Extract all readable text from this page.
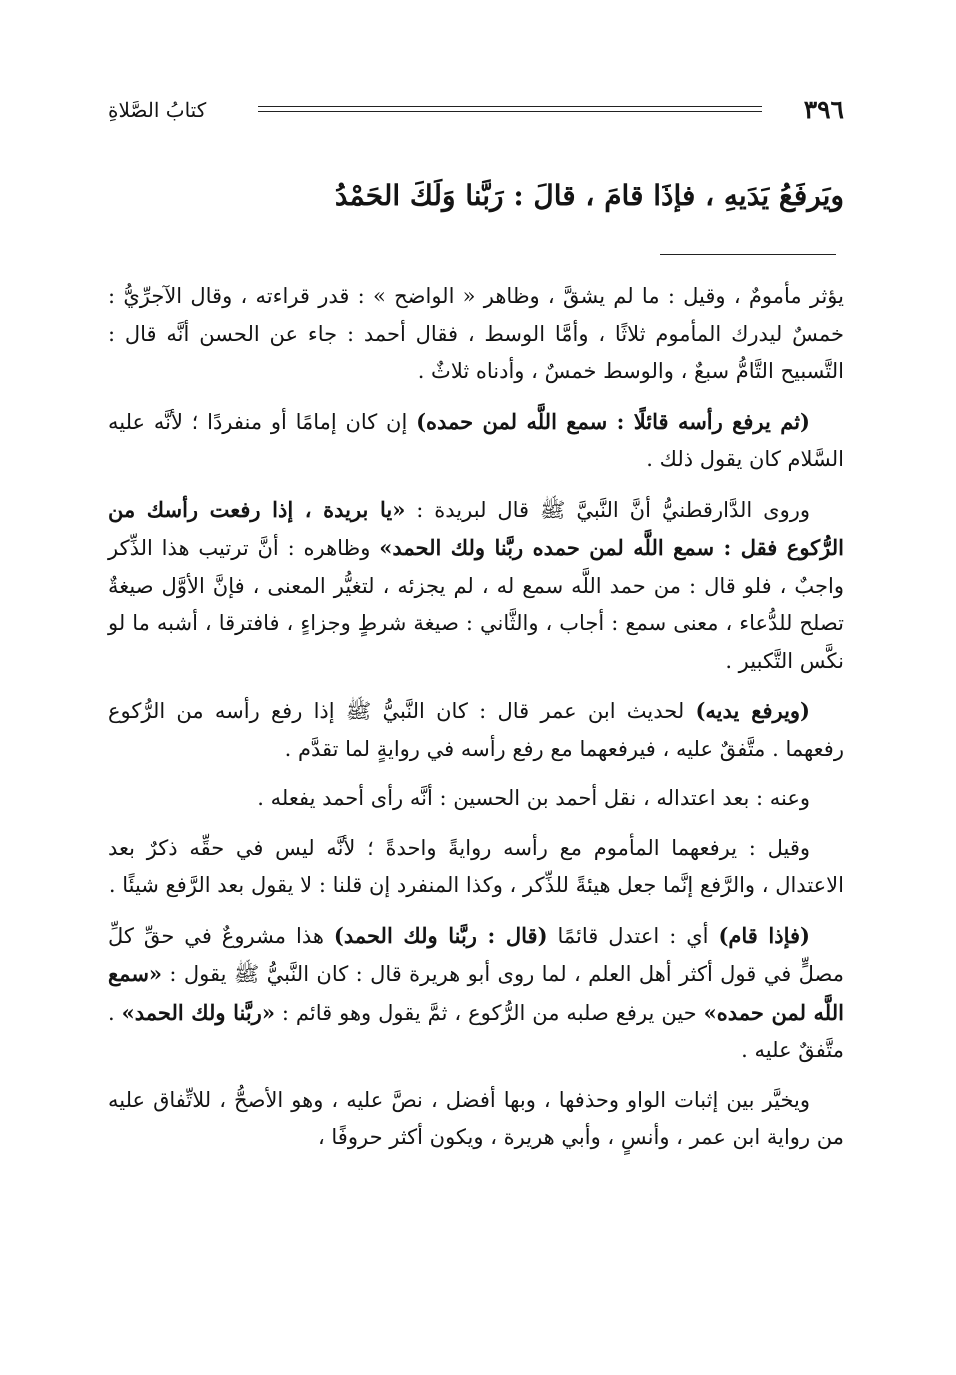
٣٩٦
كتابُ الصَّلاةِ
ويَرفَعُ يَدَيهِ ، فإذَا قامَ ، قالَ : رَبَّنا وَلَكَ الحَمْدُ

يؤثر مأمومٌ ، وقيل : ما لم يشقَّ ، وظاهر « الواضح » : قدر قراءته ، وقال الآجرِّيُّ : خمسٌ ليدرك المأموم ثلاثًا ، وأمَّا الوسط ، فقال أحمد : جاء عن الحسن أنَّه قال : التَّسبيح التَّامُّ سبعٌ ، والوسط خمسٌ ، وأدناه ثلاثٌ .

(ثم يرفع رأسه قائلًا : سمع اللَّه لمن حمده) إن كان إمامًا أو منفردًا ؛ لأنَّه عليه السَّلام كان يقول ذلك .

وروى الدَّارقطنيُّ أنَّ النَّبيَّ ﷺ قال لبريدة : «يا بريدة ، إذا رفعت رأسك من الرُّكوع فقل : سمع اللَّه لمن حمده ربَّنا ولك الحمد» وظاهره : أنَّ ترتيب هذا الذِّكر واجبٌ ، فلو قال : من حمد اللَّه سمع له ، لم يجزئه ، لتغيُّر المعنى ، فإنَّ الأوَّل صيغةٌ تصلح للدُّعاء ، معنى سمع : أجاب ، والثَّاني : صيغة شرطٍ وجزاءٍ ، فافترقا ، أشبه ما لو نكَّس التَّكبير .

(ويرفع يديه) لحديث ابن عمر قال : كان النَّبيُّ ﷺ إذا رفع رأسه من الرُّكوع رفعهما . متَّفقٌ عليه ، فيرفعهما مع رفع رأسه في روايةٍ لما تقدَّم .

وعنه : بعد اعتداله ، نقل أحمد بن الحسين : أنَّه رأى أحمد يفعله .

وقيل : يرفعهما المأموم مع رأسه روايةً واحدةً ؛ لأنَّه ليس في حقِّه ذكرٌ بعد الاعتدال ، والرَّفع إنَّما جعل هيئةً للذِّكر ، وكذا المنفرد إن قلنا : لا يقول بعد الرَّفع شيئًا .

(فإذا قام) أي : اعتدل قائمًا (قال : ربَّنا ولك الحمد) هذا مشروعٌ في حقِّ كلِّ مصلٍّ في قول أكثر أهل العلم ، لما روى أبو هريرة قال : كان النَّبيُّ ﷺ يقول : «سمع اللَّه لمن حمده» حين يرفع صلبه من الرُّكوع ، ثمَّ يقول وهو قائم : «ربَّنا ولك الحمد» . متَّفقٌ عليه .

ويخيَّر بين إثبات الواو وحذفها ، وبها أفضل ، نصَّ عليه ، وهو الأصحُّ ، للاتِّفاق عليه من رواية ابن عمر ، وأنسٍ ، وأبي هريرة ، ويكون أكثر حروفًا ،
